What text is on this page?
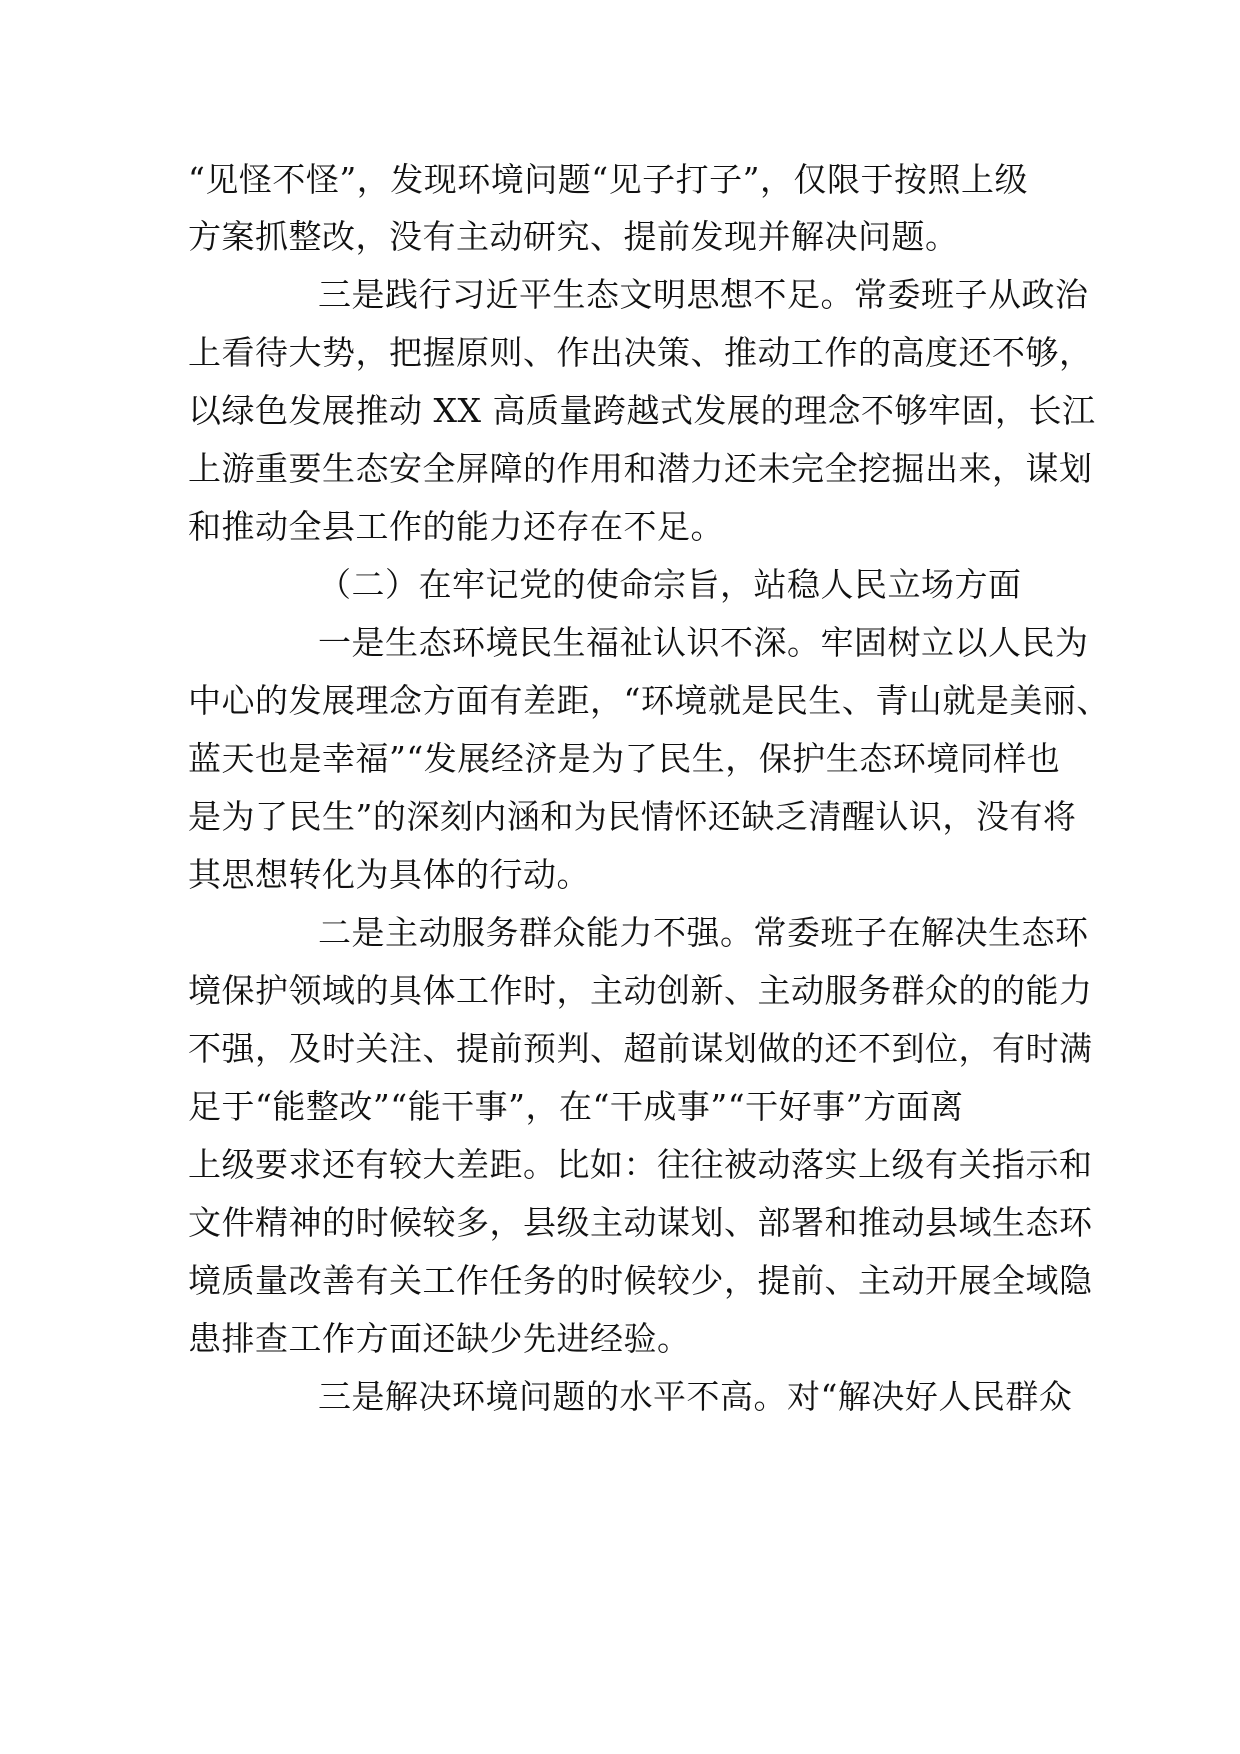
“见怪不怪”，发现环境问题“见子打子”，仅限于按照上级
方案抓整改，没有主动研究、提前发现并解决问题。
三是践行习近平生态文明思想不足。常委班子从政治
上看待大势，把握原则、作出决策、推动工作的高度还不够，
以绿色发展推动 XX 高质量跨越式发展的理念不够牢固，长江
上游重要生态安全屏障的作用和潜力还未完全挖掘出来，谋划
和推动全县工作的能力还存在不足。
（二）在牢记党的使命宗旨，站稳人民立场方面
一是生态环境民生福祉认识不深。牢固树立以人民为
中心的发展理念方面有差距，“环境就是民生、青山就是美丽、
蓝天也是幸福”“发展经济是为了民生，保护生态环境同样也
是为了民生”的深刻内涵和为民情怀还缺乏清醒认识，没有将
其思想转化为具体的行动。
二是主动服务群众能力不强。常委班子在解决生态环
境保护领域的具体工作时，主动创新、主动服务群众的的能力
不强，及时关注、提前预判、超前谋划做的还不到位，有时满
足于“能整改”“能干事”，在“干成事”“干好事”方面离
上级要求还有较大差距。比如：往往被动落实上级有关指示和
文件精神的时候较多，县级主动谋划、部署和推动县域生态环
境质量改善有关工作任务的时候较少，提前、主动开展全域隐
患排查工作方面还缺少先进经验。
三是解决环境问题的水平不高。对“解决好人民群众
